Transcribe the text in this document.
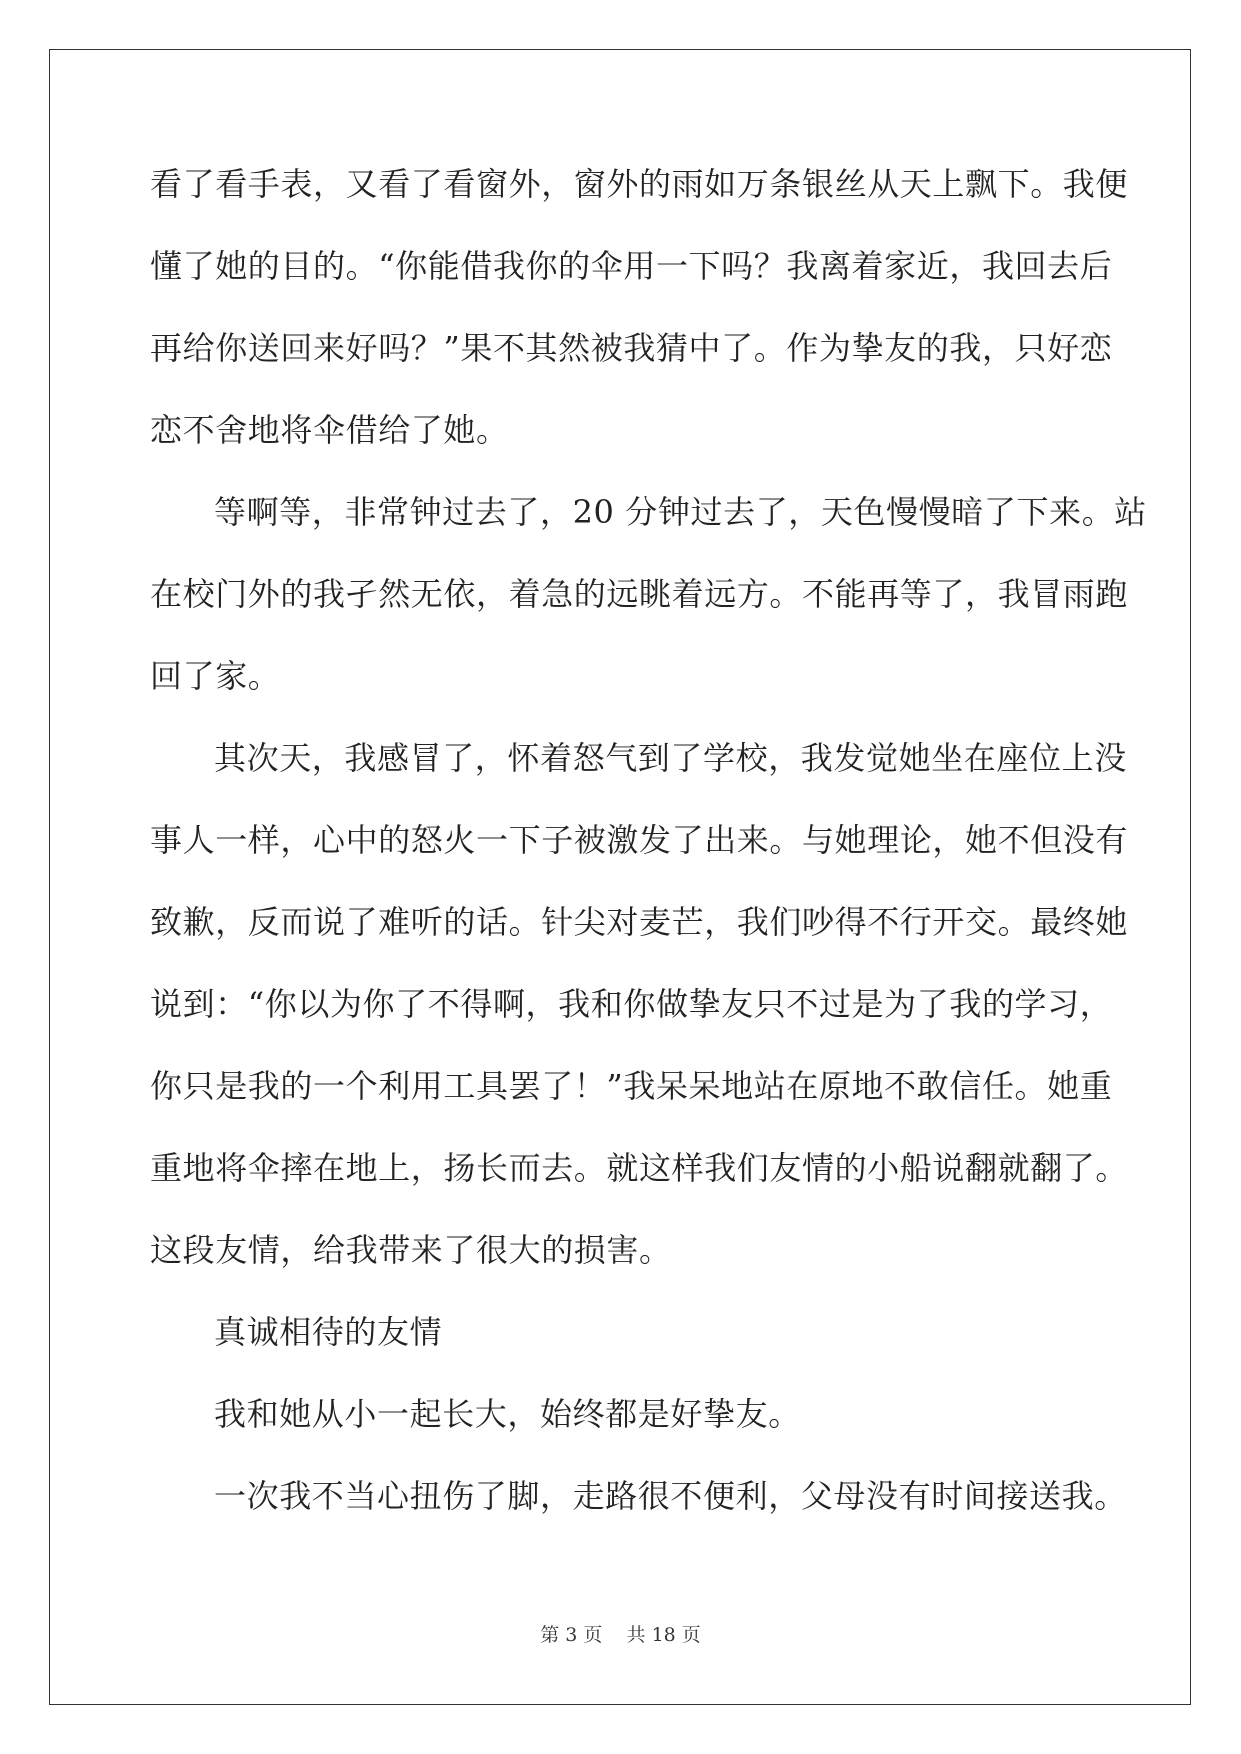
看了看手表，又看了看窗外，窗外的雨如万条银丝从天上飘下。我便
懂了她的目的。“你能借我你的伞用一下吗？我离着家近，我回去后
再给你送回来好吗？”果不其然被我猜中了。作为挚友的我，只好恋
恋不舍地将伞借给了她。
等啊等，非常钟过去了，20 分钟过去了，天色慢慢暗了下来。站
在校门外的我孑然无依，着急的远眺着远方。不能再等了，我冒雨跑
回了家。
其次天，我感冒了，怀着怒气到了学校，我发觉她坐在座位上没
事人一样，心中的怒火一下子被激发了出来。与她理论，她不但没有
致歉，反而说了难听的话。针尖对麦芒，我们吵得不行开交。最终她
说到：“你以为你了不得啊，我和你做挚友只不过是为了我的学习，
你只是我的一个利用工具罢了！”我呆呆地站在原地不敢信任。她重
重地将伞摔在地上，扬长而去。就这样我们友情的小船说翻就翻了。
这段友情，给我带来了很大的损害。
真诚相待的友情
我和她从小一起长大，始终都是好挚友。
一次我不当心扭伤了脚，走路很不便利，父母没有时间接送我。
第 3 页    共 18 页
